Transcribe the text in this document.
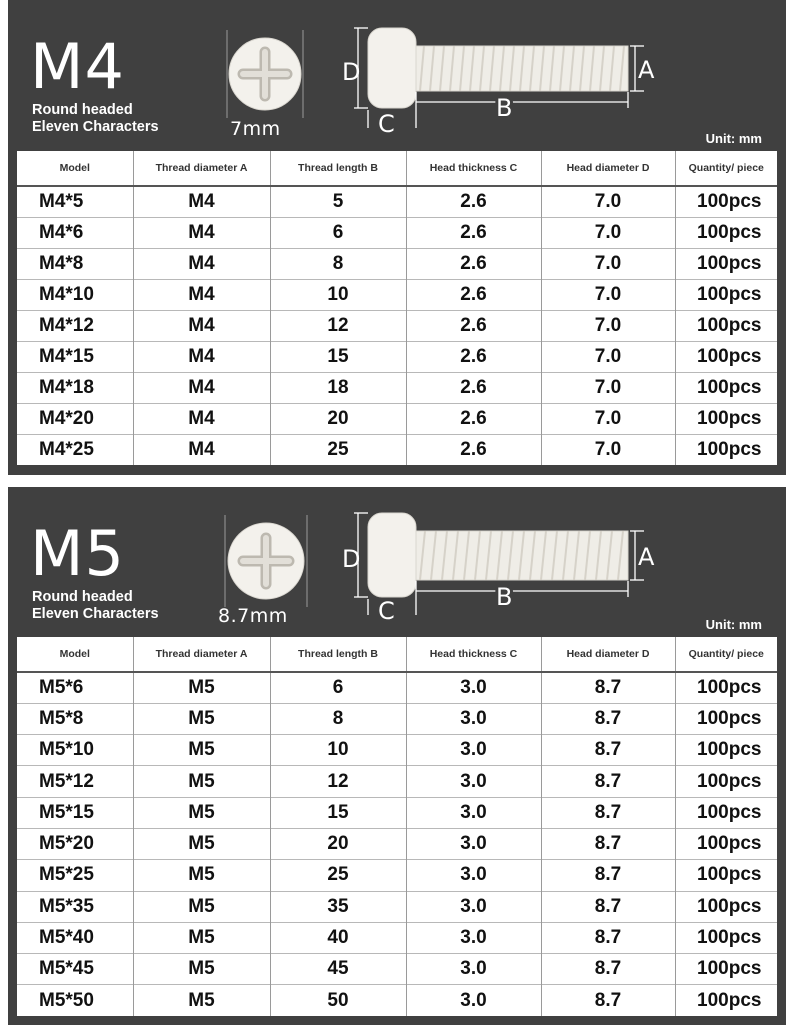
M4
Round headed
Eleven Characters	7mm
D
C
B
A
Unit: mm
Model	Thread diameter A	Thread length B	Head thickness C	Head diameter D	Quantity/ piece
M4*5	M4	5	2.6	7.0	100pcs
M4*6	M4	6	2.6	7.0	100pcs
M4*8	M4	8	2.6	7.0	100pcs
M4*10	M4	10	2.6	7.0	100pcs
M4*12	M4	12	2.6	7.0	100pcs
M4*15	M4	15	2.6	7.0	100pcs
M4*18	M4	18	2.6	7.0	100pcs
M4*20	M4	20	2.6	7.0	100pcs
M4*25	M4	25	2.6	7.0	100pcs
M5
Round headed
Eleven Characters	8.7mm
D
C	B
A
Unit: mm
Model	Thread diameter A	Thread length B	Head thickness C	Head diameter D	Quantity/ piece
M5*6	M5	6	3.0	8.7	100pcs
M5*8	M5	8	3.0	8.7	100pcs
M5*10	M5	10	3.0	8.7	100pcs
M5*12	M5	12	3.0	8.7	100pcs
M5*15	M5	15	3.0	8.7	100pcs
M5*20	M5	20	3.0	8.7	100pcs
M5*25	M5	25	3.0	8.7	100pcs
M5*35	M5	35	3.0	8.7	100pcs
M5*40	M5	40	3.0	8.7	100pcs
M5*45	M5	45	3.0	8.7	100pcs
M5*50	M5	50	3.0	8.7	100pcs
